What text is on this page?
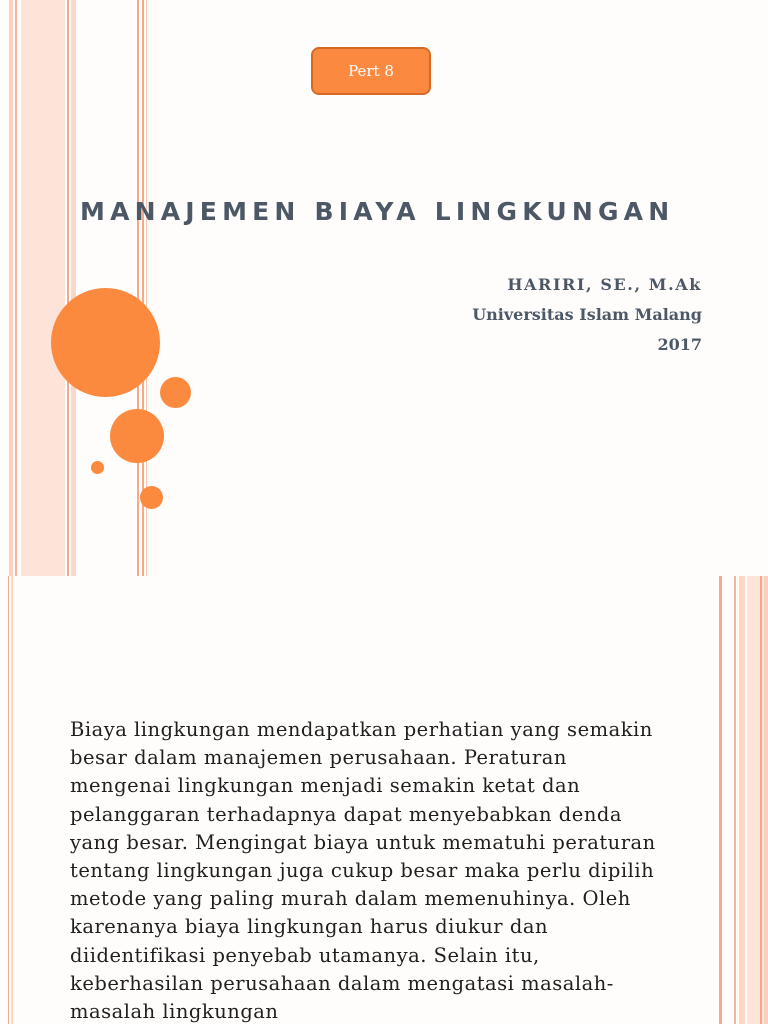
Pert 8
MANAJEMEN BIAYA LINGKUNGAN
HARIRI, SE., M.Ak
Universitas Islam Malang
2017
Biaya lingkungan mendapatkan perhatian yang semakin besar dalam manajemen perusahaan. Peraturan mengenai lingkungan menjadi semakin ketat dan pelanggaran terhadapnya dapat menyebabkan denda yang besar. Mengingat biaya untuk mematuhi peraturan tentang lingkungan juga cukup besar maka perlu dipilih metode yang paling murah dalam memenuhinya. Oleh karenanya biaya lingkungan harus diukur dan diidentifikasi penyebab utamanya. Selain itu, keberhasilan perusahaan dalam mengatasi masalah-masalah lingkungan
